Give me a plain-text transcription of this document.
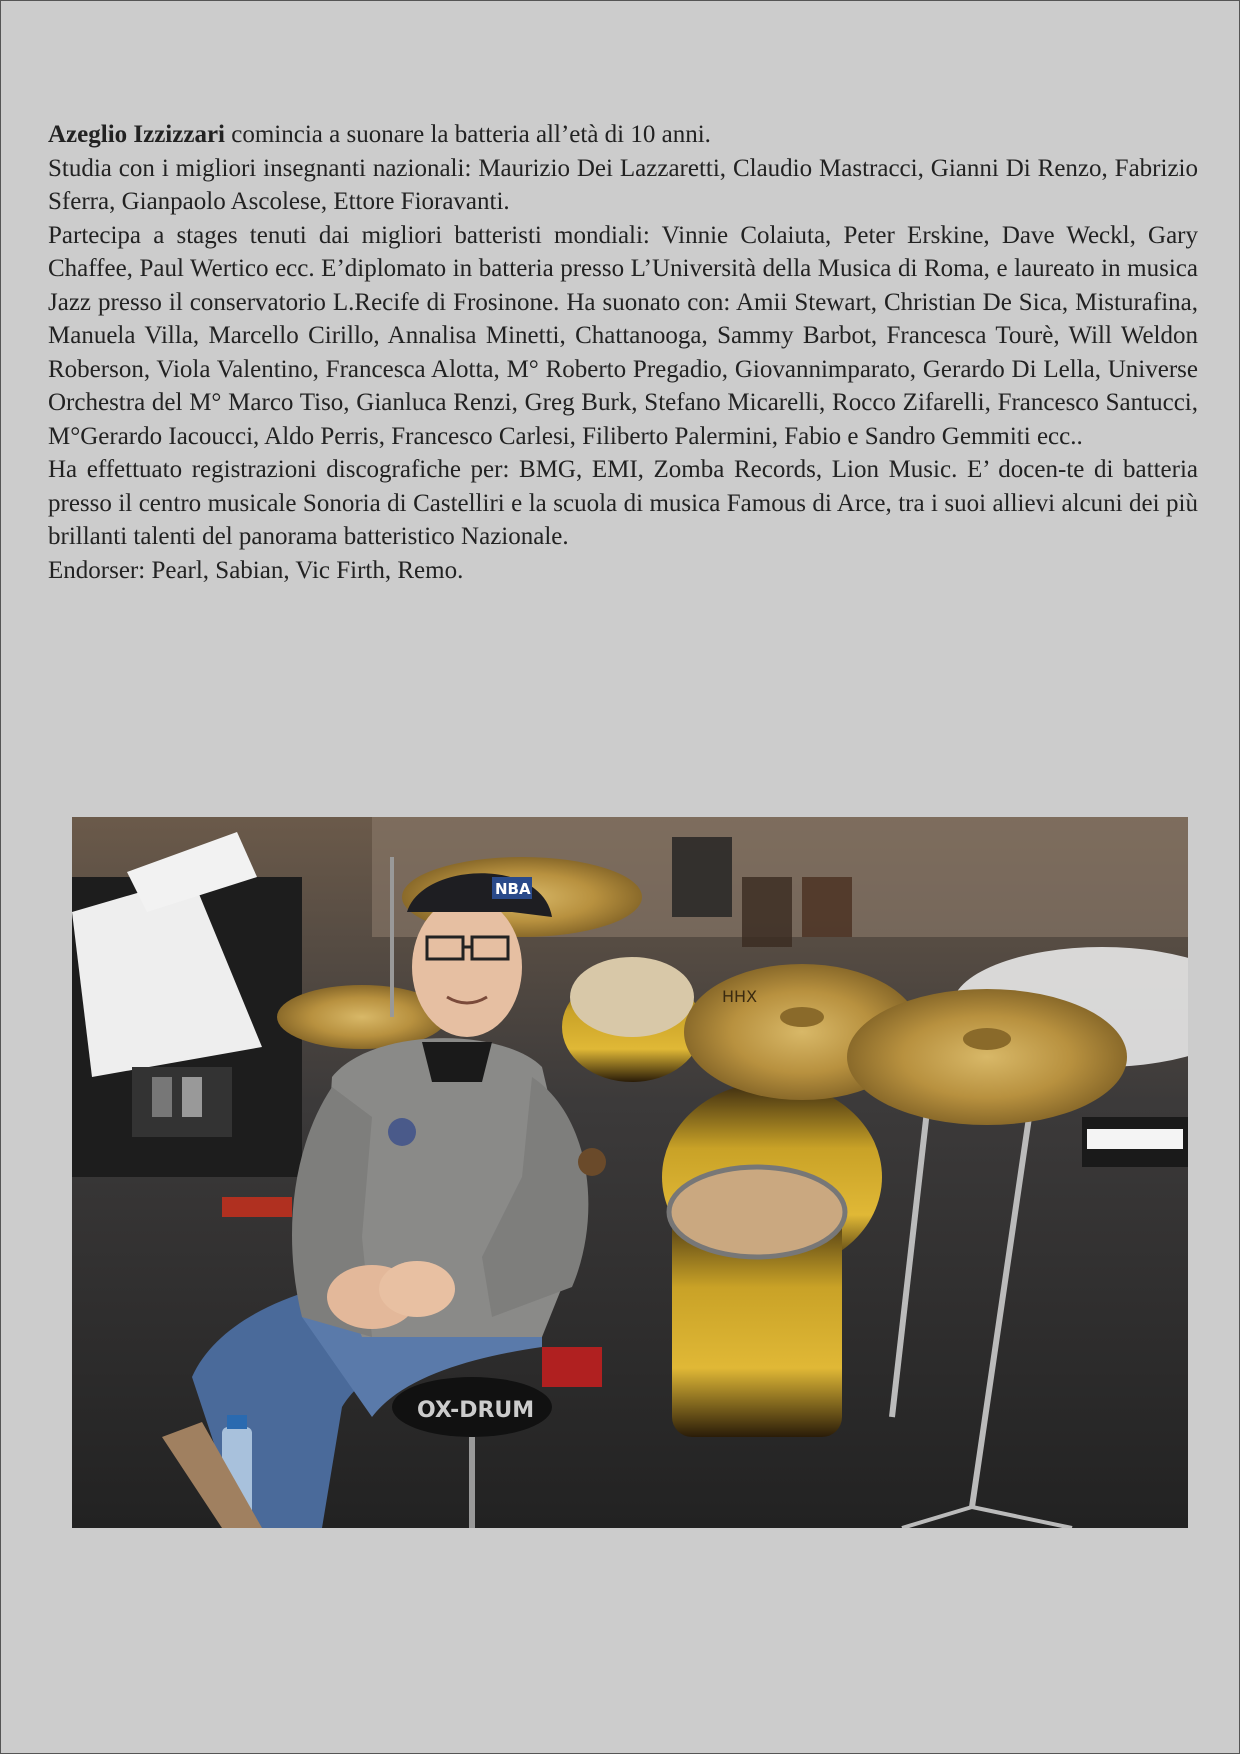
Azeglio Izzizzari comincia a suonare la batteria all’età di 10 anni.

Studia con i migliori insegnanti nazionali: Maurizio Dei Lazzaretti, Claudio Mastracci, Gianni Di Renzo, Fabrizio Sferra, Gianpaolo Ascolese, Ettore Fioravanti.

Partecipa a stages tenuti dai migliori batteristi mondiali: Vinnie Colaiuta, Peter Erskine, Dave Weckl, Gary Chaffee, Paul Wertico ecc. E’diplomato in batteria presso L’Università della Musica di Roma, e laureato in musica Jazz presso il conservatorio L.Recife di Frosinone. Ha suonato con: Amii Stewart, Christian De Sica, Misturafina, Manuela Villa, Marcello Cirillo, Annalisa Minetti, Chattanooga, Sammy Barbot, Francesca Tourè, Will Weldon Roberson, Viola Valentino, Francesca Alotta, M° Roberto Pregadio, Giovannimparato, Gerardo Di Lella, Universe Orchestra del M° Marco Tiso, Gianluca Renzi, Greg Burk, Stefano Micarelli, Rocco Zifarelli, Francesco Santucci, M°Gerardo Iacoucci, Aldo Perris, Francesco Carlesi, Filiberto Palermini, Fabio e Sandro Gemmiti ecc..

Ha effettuato registrazioni discografiche per: BMG, EMI, Zomba Records, Lion Music. E’ docen-te di batteria presso il centro musicale Sonoria di Castelliri e la scuola di musica Famous di Arce, tra i suoi allievi alcuni dei più brillanti talenti del panorama batteristico Nazionale.

Endorser: Pearl, Sabian, Vic Firth, Remo.

HHX
NBA
OX-DRUM
